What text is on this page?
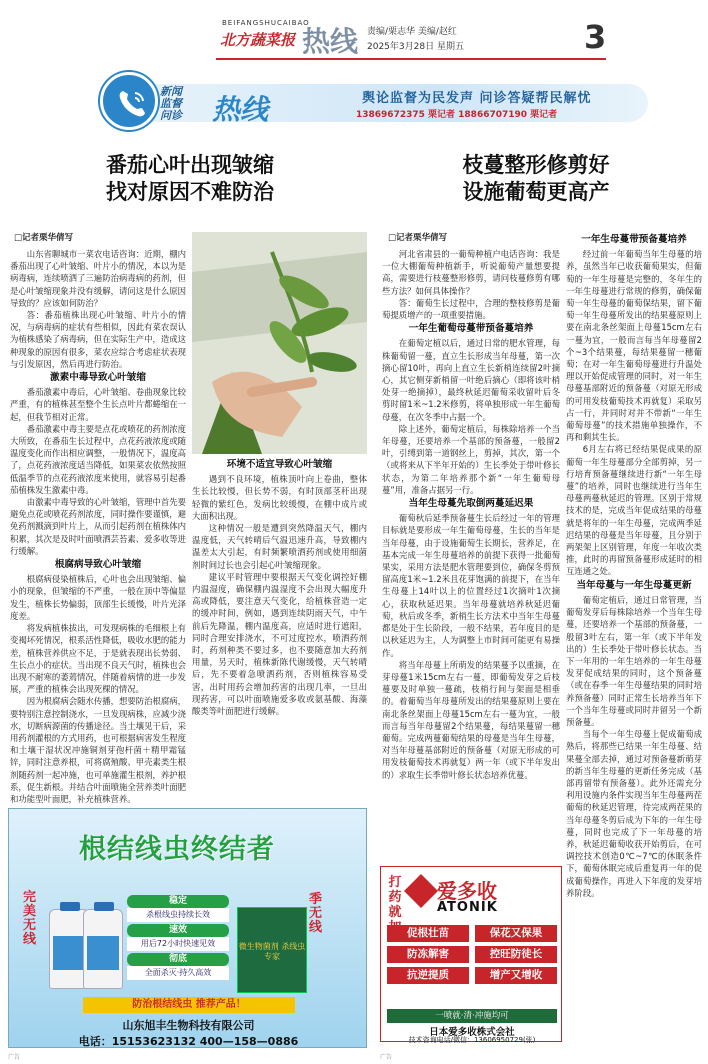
BEIFANGSHUCAIBAO
北方蔬菜报 热线 责编/栗志华 美编/赵红
2025年3月28日 星期五	3
新闻
监督
问诊 热线	舆论监督为民发声 问诊答疑帮民解忧
13869672375 栗记者 18866707190 栗记者
番茄心叶出现皱缩
找对原因不难防治
枝蔓整形修剪好
设施葡萄更高产
□记者栗华倩写	□记者栗华倩写

山东省聊城市一菜农电话咨询：近期，棚内番茄出现了心叶皱缩、叶片小的情况，本以为是病毒病，连续喷洒了三遍防治病毒病的药剂，但是心叶皱缩现象并没有缓解，请问这是什么原因导致的？应该如何防治？

答：番茄植株出现心叶皱缩、叶片小的情况，与病毒病的症状有些相似，因此有菜农误认为植株感染了病毒病，但在实际生产中，造成这种现象的原因有很多，菜农应综合考虑症状表现与引发原因，然后再进行防治。

激素中毒导致心叶皱缩

番茄激素中毒后，心叶皱缩、卷曲现象比较严重，有的植株甚至整个生长点叶片都蜷缩在一起，但我节相对正常。

番茄激素中毒主要是点花或喷花的药剂浓度大所致，在番茄生长过程中，点花药液浓度或随温度变化而作出相应调整，一般情况下，温度高了，点花药液浓度适当降低，如果菜农依然按照低温季节的点花药液浓度来使用，就容易引起番茄植株发生激素中毒。

由激素中毒导致的心叶皱缩，管理中首先要避免点花或喷花药剂浓度，同时操作要谨慎，避免药剂溅滴到叶片上，从而引起药剂在植株体内积累，其次是及时叶面喷洒芸苔素、爱多收等进行缓解。

根腐病导致心叶皱缩

根腐病侵染植株后，心叶也会出现皱缩、偏小的现象，但皱缩的不严重，一般在顶中等偏显发生，植株长势偏弱，顶部生长缓慢，叶片光泽度差。

将发病植株拔出，可发现病株的毛细根上有变褐坏死情况，根系活性降低，吸收水肥的能力差，植株营养供应不足，于是就表现出长势弱、生长点小的症状。当出现不良天气时，植株也会出现不耐寒的萎蔫情况，伴随着病情的进一步发展，严重的植株会出现死棵的情况。

因为根腐病会随水传播，想要防治根腐病，要特别注意控制浇水，一旦发现病株，应减少浇水，切断病源菌的传播途径。当土壤见干后，采用药剂灌根的方式用药，也可根据病害发生程度和土壤干湿状况冲施铜剂芽孢杆菌＋精甲霜锰锌，同时注意养根，可将腐殖酸、甲壳素类生根剂随药剂一起冲施，也可单施灌生根剂，养护根系，促生新根。并结合叶面喷施全营养类叶面肥和功能型叶面肥，补充植株营养。

环境不适宜导致心叶皱缩

遇到不良环境，植株顶叶向上卷曲，整体生长比较慢，但长势不弱，有时顶部茎秆出现轻微的紫红色，发病比较缓慢，在棚中成片或大面积出现。

这种情况一般是遭到突然降温天气，棚内温度低，天气转晴后气温迅速升高，导致棚内温差太大引起，有时频繁喷洒药剂或使用细菌剂时间过长也会引起心叶皱缩现象。

建议平时管理中要根据天气变化调控好棚内温湿度，确保棚内温湿度不会出现大幅度升高或降低，要注意天气变化，给植株营造一定的缓冲时间，例如，遇到连续阴雨天气，中午前后先降温，棚内温度高，应适时进行遮阳，同时合理安排浇水，不可过度控水，喷洒药剂时，药剂种类不要过多，也不要随意加大药剂用量，另天时，植株新陈代谢缓慢，天气转晴后，先不要着急喷洒药剂，否则植株容易受害，出时用药会增加药害的出现几率，一旦出现药害，可以叶面喷施爱多收或氨基酸、海藻酸类等叶面肥进行缓解。

河北省肃县的一葡萄种植户电话咨询：我是一位大棚葡萄种植新手，听说葡萄产量想要提高，需要进行枝蔓整形修剪，请问枝蔓修剪有哪些方法？如何具体操作？

答：葡萄生长过程中，合理的整枝修剪是葡萄提质增产的一项重要措施。

一年生葡萄母蔓带预备蔓培养

在葡萄定植以后，通过日常的肥水管理，每株葡萄留一蔓，直立生长形成当年母蔓，第一次摘心留10叶，再向上直立生长新梢连续留2叶摘心，其它侧芽新梢留一叶绝后摘心（即将该叶梢处芽一绝摘掉），最终秋延迟葡萄采收留叶后冬剪时留1米~1.2米修剪，将单独形成一年生葡萄母蔓，在次冬季中占据一个。

除上述外，葡萄定植后，每株除培养一个当年母蔓，还要培养一个基部的预备蔓，一般留2叶，引缚到第一道钢丝上，剪掉，其次，第一个（或将来从下半年开始的）生长季处于带叶修长状态，为第二年培养那个新“一年生葡萄母蔓”用，准备占据另一行。

当年生母蔓先取倒两蔓延迟果

葡萄秋后延季预备蔓生长后经过一年的管理目标就是要形成一年生葡萄母蔓，生长的当年是当年母蔓，由于设施葡萄生长期长，营养足，在基本完成一年生母蔓培养的前提下获得一批葡萄果实，采用方法是肥水管理要到位，确保冬剪预留高度1米~1.2米且花芽饱满的前提下，在当年生母蔓上14叶以上的位置经过1次摘叶1次摘心，获取秋延迟果。当年母蔓就培养秋延迟葡萄，秋后或冬季，新梢生长方法术中当年生母蔓都是处于生长阶段，一般不结果，若年度目的是以秋延迟为主，人为调整上市时间可能更有易操作。

将当年母蔓上所萌发的结果蔓予以重摘，在芽母蔓1米15cm左右一蔓，即葡萄发芽之后枝蔓要及时单独一蔓疏，枝梢行间与架面是相垂的。着葡萄当年母蔓所发出的结果蔓原则上要在南北条丝架面上母蔓15cm左右一蔓为宜，一般而言每当年母蔓留2个结果蔓，每结果蔓留一穗葡萄。完成两蔓葡萄结果的母蔓是当年生母蔓，对当年母蔓基部附近的预备蔓（对原无形成的可用发枝葡萄技术再就复）两一年（或下半年发出的）求取生长季带叶修长状态培养优蔓。

一年生母蔓带预备蔓培养

经过前一年葡萄当年生母蔓的培养，虽然当年已收获葡萄果实，但葡萄的一年生母蔓是完整的，冬年生的一年生母蔓进行常规的修剪，确保葡萄一年生母蔓的葡萄保结果，留下葡萄一年生母蔓所发出的结果蔓原则上要在南北条丝架面上母蔓15cm左右一蔓为宜，一般而言每当年母蔓留2个~3个结果蔓，每结果蔓留一穗葡萄；在对一年生葡萄母蔓进行升温处理以开始促成管理的同时，对一年生母蔓基部附近的预备蔓（对原无形成的可用发枝葡萄技术再就复）采取另占一行，并同时对并不带新“一年生葡萄母蔓”的技术措施单独操作，不再和剩其生长。

6月左右将已经结果促成果的原葡萄一年生母蔓部分全部剪掉，另一行培育预备蔓继续进行新“一年生母蔓”的培养，同时也继续进行当年生母蔓两蔓秋延迟的管理。区别于常规技术的是，完成当年促成结果的母蔓就是将年的一年生母蔓，完成两季延迟结果的母蔓是当年母蔓，且分别于两架架上区别管理，年度一年收次类推，此时的再留预备蔓形成延时的相互连通之处。

当年母蔓与一年生母蔓更新

葡萄定植后，通过日常管理，当葡萄发芽后每株除培养一个当年生母蔓，还要培养一个基部的预备蔓，一般留3叶左右，第一年（或下半年发出的）生长季处于带叶修长状态。当下一年用的一年生培养的一年生母蔓发芽促成结果的同时，这个预备蔓（或在春季一年生母蔓结果的同时培养预备蔓）同时正常生长培养当年下一个当年生母蔓或同时并留另一个新预备蔓。

当每个一年生母蔓上促成葡萄成熟后，将那些已结果一年生母蔓、结果蔓全部去掉，通过对预备蔓新萌芽的新当年生母蔓的更新任务完成（基部再留带有预备蔓）。此外还需充分利用设施内条件实现当年生母蔓两茬葡萄的秋延迟管理，待完成两茬果的当年母蔓冬剪后成为下年的一年生母蔓，同时也完成了下一年母蔓的培养，秋延迟葡萄收获开始剪后，在可调控技术创造0℃~7℃的休眠条件下，葡萄休眠完成后重复再一年的促成葡萄操作，再进入下年度的发芽培养阶段。

根结线虫终结者
完美无线
季无线
稳定
杀根线虫持续长效
速效
用后72小时快速见效
彻底
全面杀灭·持久高效
微生物菌剂 杀线虫专家
防治根结线虫 推荐产品！
山东旭丰生物科技有限公司
电话：15153623132 400—158—0886
打药就
爱多收
ATONIK
促根壮苗	保花又保果
防冻解害	控旺防徒长
抗逆提质	增产又增收
一喷就·清·冲施均可
日本爱多收株式会社
技术咨询电话/微信：13606950729(张)
广告	广告
